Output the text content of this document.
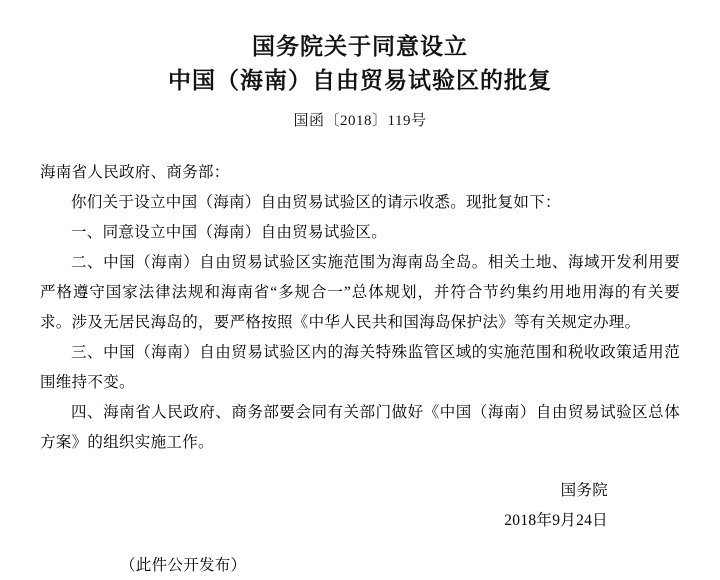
国务院关于同意设立
中国（海南）自由贸易试验区的批复
国函〔2018〕119号
海南省人民政府、商务部：

你们关于设立中国（海南）自由贸易试验区的请示收悉。现批复如下：

一、同意设立中国（海南）自由贸易试验区。

二、中国（海南）自由贸易试验区实施范围为海南岛全岛。相关土地、海域开发利用要严格遵守国家法律法规和海南省“多规合一”总体规划，并符合节约集约用地用海的有关要求。涉及无居民海岛的，要严格按照《中华人民共和国海岛保护法》等有关规定办理。

三、中国（海南）自由贸易试验区内的海关特殊监管区域的实施范围和税收政策适用范围维持不变。

四、海南省人民政府、商务部要会同有关部门做好《中国（海南）自由贸易试验区总体方案》的组织实施工作。

国务院
2018年9月24日
（此件公开发布）
